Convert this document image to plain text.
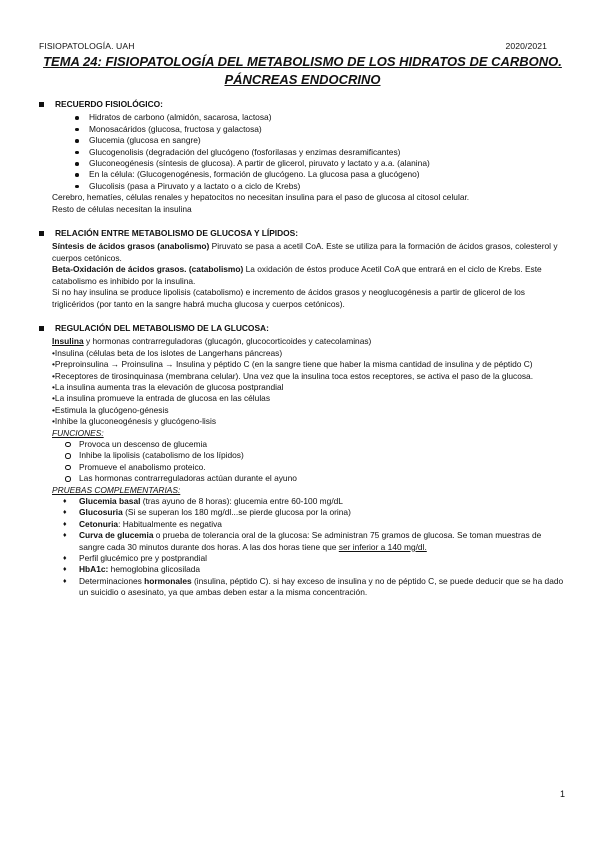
FISIOPATOLOGÍA. UAH	2020/2021
TEMA 24: FISIOPATOLOGÍA DEL METABOLISMO DE LOS HIDRATOS DE CARBONO. PÁNCREAS ENDOCRINO
RECUERDO FISIOLÓGICO:
Hidratos de carbono (almidón, sacarosa, lactosa)
Monosacáridos (glucosa, fructosa y galactosa)
Glucemia (glucosa en sangre)
Glucogenolisis (degradación del glucógeno (fosforilasas y enzimas desramificantes)
Gluconeogénesis (síntesis de glucosa). A partir de glicerol, piruvato y lactato y a.a. (alanina)
En la célula: (Glucogenogénesis, formación de glucógeno. La glucosa pasa a glucógeno)
Glucolisis (pasa a Piruvato y a lactato o a ciclo de Krebs)

Cerebro, hematíes, células renales y hepatocitos no necesitan insulina para el paso de glucosa al citosol celular.

Resto de células necesitan la insulina

RELACIÓN ENTRE METABOLISMO DE GLUCOSA Y LÍPIDOS:

Síntesis de ácidos grasos (anabolismo) Piruvato se pasa a acetil CoA. Este se utiliza para la formación de ácidos grasos, colesterol y cuerpos cetónicos.

Beta-Oxidación de ácidos grasos. (catabolismo) La oxidación de éstos produce Acetil CoA que entrará en el ciclo de Krebs. Este catabolismo es inhibido por la insulina.

Si no hay insulina se produce lipolisis (catabolismo) e incremento de ácidos grasos y neoglucogénesis a partir de glicerol de los triglicéridos (por tanto en la sangre habrá mucha glucosa y cuerpos cetónicos).

REGULACIÓN DEL METABOLISMO DE LA GLUCOSA:

Insulina y hormonas contrarreguladoras (glucagón, glucocorticoides y catecolaminas)

•Insulina (células beta de los islotes de Langerhans páncreas)

•Preproinsulina → Proinsulina → Insulina y péptido C (en la sangre tiene que haber la misma cantidad de insulina y de péptido C)

•Receptores de tirosinquinasa (membrana celular). Una vez que la insulina toca estos receptores, se activa el paso de la glucosa.

•La insulina aumenta tras la elevación de glucosa postprandial

•La insulina promueve la entrada de glucosa en las células

•Estimula la glucógeno-génesis

•Inhibe la gluconeogénesis y glucógeno-lisis

FUNCIONES:

Provoca un descenso de glucemia
Inhibe la lipolisis (catabolismo de los lípidos)
Promueve el anabolismo proteico.
Las hormonas contrarreguladoras actúan durante el ayuno

PRUEBAS COMPLEMENTARIAS:

♦ Glucemia basal (tras ayuno de 8 horas): glucemia entre 60-100 mg/dL
♦ Glucosuria (Si se superan los 180 mg/dl...se pierde glucosa por la orina)
♦ Cetonuria: Habitualmente es negativa
♦ Curva de glucemia o prueba de tolerancia oral de la glucosa: Se administran 75 gramos de glucosa. Se toman muestras de sangre cada 30 minutos durante dos horas. A las dos horas tiene que ser inferior a 140 mg/dl.
♦ Perfil glucémico pre y postprandial
♦ HbA1c: hemoglobina glicosilada
♦ Determinaciones hormonales (insulina, péptido C). si hay exceso de insulina y no de péptido C, se puede deducir que se ha dado un suicidio o asesinato, ya que ambas deben estar a la misma concentración.
1
